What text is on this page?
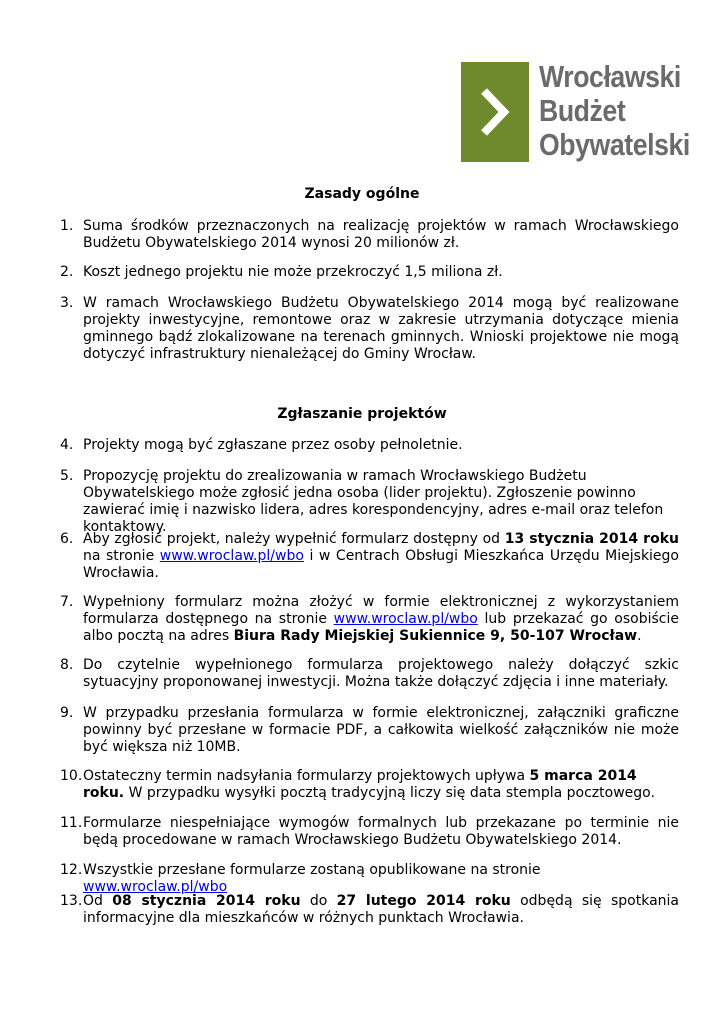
Wrocławski
Budżet
Obywatelski
Zasady ogólne
1. Suma środków przeznaczonych na realizację projektów w ramach Wrocławskiego Budżetu Obywatelskiego 2014 wynosi 20 milionów zł.
2. Koszt jednego projektu nie może przekroczyć 1,5 miliona zł.
3. W ramach Wrocławskiego Budżetu Obywatelskiego 2014 mogą być realizowane projekty inwestycyjne, remontowe oraz w zakresie utrzymania dotyczące mienia gminnego bądź zlokalizowane na terenach gminnych. Wnioski projektowe nie mogą dotyczyć infrastruktury nienależącej do Gminy Wrocław.
Zgłaszanie projektów
4. Projekty mogą być zgłaszane przez osoby pełnoletnie.
5. Propozycję projektu do zrealizowania w ramach Wrocławskiego Budżetu Obywatelskiego może zgłosić jedna osoba (lider projektu). Zgłoszenie powinno zawierać imię i nazwisko lidera, adres korespondencyjny, adres e-mail oraz telefon kontaktowy.
6. Aby zgłosić projekt, należy wypełnić formularz dostępny od 13 stycznia 2014 roku na stronie www.wroclaw.pl/wbo i w Centrach Obsługi Mieszkańca Urzędu Miejskiego Wrocławia.
7. Wypełniony formularz można złożyć w formie elektronicznej z wykorzystaniem formularza dostępnego na stronie www.wroclaw.pl/wbo lub przekazać go osobiście albo pocztą na adres Biura Rady Miejskiej Sukiennice 9, 50-107 Wrocław.
8. Do czytelnie wypełnionego formularza projektowego należy dołączyć szkic sytuacyjny proponowanej inwestycji. Można także dołączyć zdjęcia i inne materiały.
9. W przypadku przesłania formularza w formie elektronicznej, załączniki graficzne powinny być przesłane w formacie PDF, a całkowita wielkość załączników nie może być większa niż 10MB.
10. Ostateczny termin nadsyłania formularzy projektowych upływa 5 marca 2014 roku. W przypadku wysyłki pocztą tradycyjną liczy się data stempla pocztowego.
11. Formularze niespełniające wymogów formalnych lub przekazane po terminie nie będą procedowane w ramach Wrocławskiego Budżetu Obywatelskiego 2014.
12. Wszystkie przesłane formularze zostaną opublikowane na stronie www.wroclaw.pl/wbo
13. Od 08 stycznia 2014 roku do 27 lutego 2014 roku odbędą się spotkania informacyjne dla mieszkańców w różnych punktach Wrocławia.
